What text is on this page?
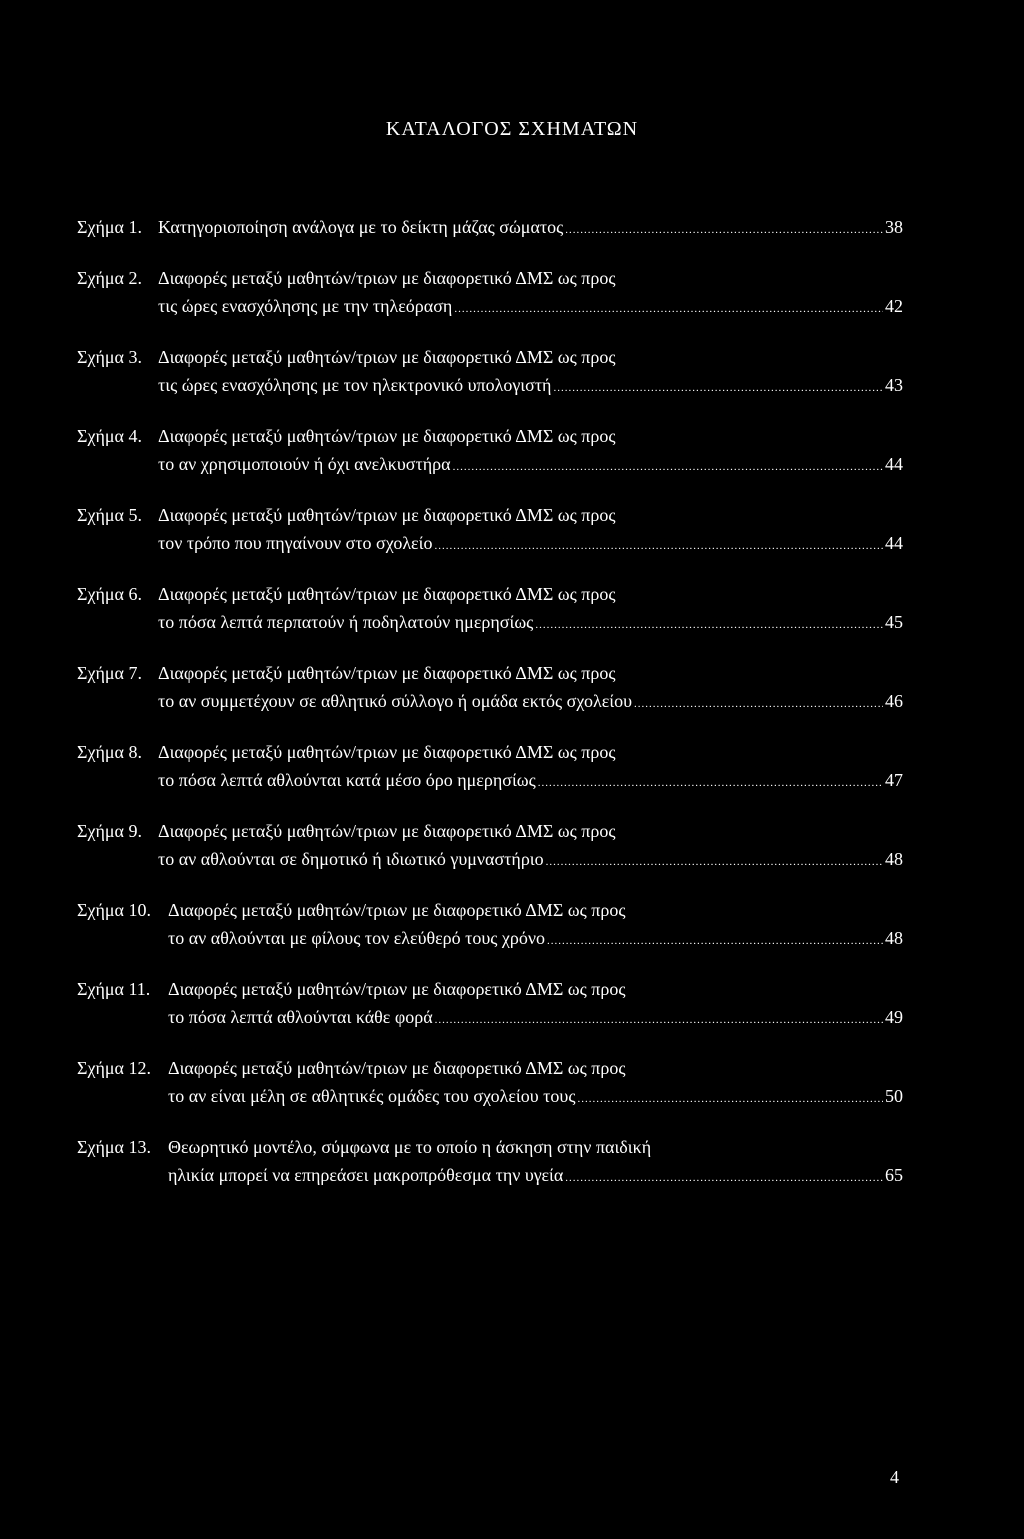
ΚΑΤΑΛΟΓΟΣ ΣΧΗΜΑΤΩΝ
Σχήμα 1. Κατηγοριοποίηση ανάλογα με το δείκτη μάζας σώματος .....	38
Σχήμα 2. Διαφορές μεταξύ μαθητών/τριων με διαφορετικό ΔΜΣ ως προς
τις ώρες ενασχόλησης με την τηλεόραση .....	42
Σχήμα 3. Διαφορές μεταξύ μαθητών/τριων με διαφορετικό ΔΜΣ ως προς
τις ώρες ενασχόλησης με τον ηλεκτρονικό υπολογιστή .....	43
Σχήμα 4. Διαφορές μεταξύ μαθητών/τριων με διαφορετικό ΔΜΣ ως προς
το αν χρησιμοποιούν ή όχι ανελκυστήρα .....	44
Σχήμα 5. Διαφορές μεταξύ μαθητών/τριων με διαφορετικό ΔΜΣ ως προς
τον τρόπο που πηγαίνουν στο σχολείο .....	44
Σχήμα 6. Διαφορές μεταξύ μαθητών/τριων με διαφορετικό ΔΜΣ ως προς
το πόσα λεπτά περπατούν ή ποδηλατούν ημερησίως .....	45
Σχήμα 7. Διαφορές μεταξύ μαθητών/τριων με διαφορετικό ΔΜΣ ως προς
το αν συμμετέχουν σε αθλητικό σύλλογο ή ομάδα εκτός σχολείου .....	46
Σχήμα 8. Διαφορές μεταξύ μαθητών/τριων με διαφορετικό ΔΜΣ ως προς
το πόσα λεπτά αθλούνται κατά μέσο όρο ημερησίως .....	47
Σχήμα 9. Διαφορές μεταξύ μαθητών/τριων με διαφορετικό ΔΜΣ ως προς
το αν αθλούνται σε δημοτικό ή ιδιωτικό γυμναστήριο .....	48
Σχήμα 10. Διαφορές μεταξύ μαθητών/τριων με διαφορετικό ΔΜΣ ως προς
το αν αθλούνται με φίλους τον ελεύθερό τους χρόνο .....	48
Σχήμα 11. Διαφορές μεταξύ μαθητών/τριων με διαφορετικό ΔΜΣ ως προς
το πόσα λεπτά αθλούνται κάθε φορά .....	49
Σχήμα 12. Διαφορές μεταξύ μαθητών/τριων με διαφορετικό ΔΜΣ ως προς
το αν είναι μέλη σε αθλητικές ομάδες του σχολείου τους .....	50
Σχήμα 13. Θεωρητικό μοντέλο, σύμφωνα με το οποίο η άσκηση στην παιδική
ηλικία μπορεί να επηρεάσει μακροπρόθεσμα την υγεία .....	65
4
